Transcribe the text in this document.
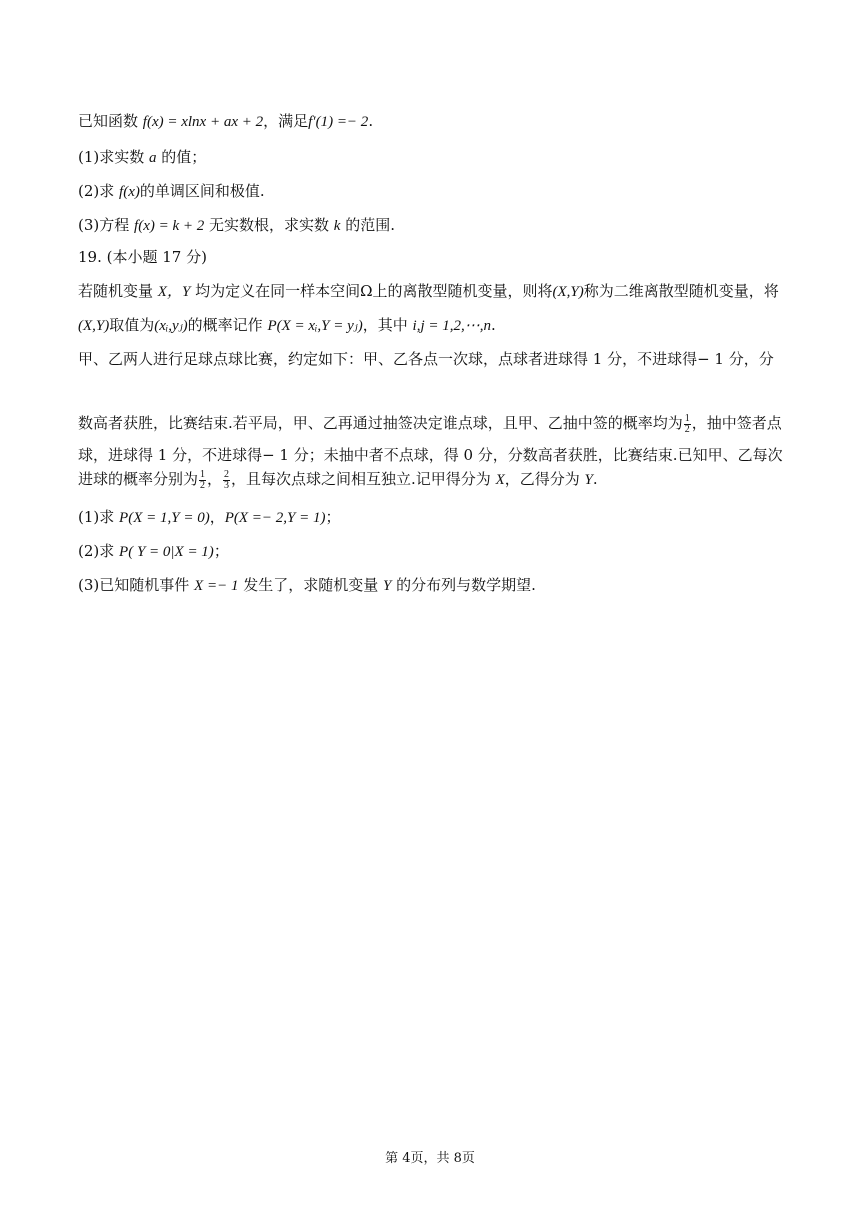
已知函数 f(x) = xlnx + ax + 2，满足f′(1) =− 2.
(1)求实数 a 的值；
(2)求 f(x)的单调区间和极值.
(3)方程 f(x) = k + 2 无实数根，求实数 k 的范围.
19. (本小题 17 分)
若随机变量 X，Y 均为定义在同一样本空间Ω上的离散型随机变量，则将(X,Y)称为二维离散型随机变量，将
(X,Y)取值为(xᵢ,yⱼ)的概率记作 P(X = xᵢ,Y = yⱼ)，其中 i,j = 1,2,⋯,n.
甲、乙两人进行足球点球比赛，约定如下：甲、乙各点一次球，点球者进球得 1 分，不进球得− 1 分，分
数高者获胜，比赛结束.若平局，甲、乙再通过抽签决定谁点球，且甲、乙抽中签的概率均为 $\frac{1}{2}$ ，抽中签者点
球，进球得 1 分，不进球得− 1 分；未抽中者不点球，得 0 分，分数高者获胜，比赛结束.已知甲、乙每次
进球的概率分别为 $\frac{1}{2}$ ， $\frac{2}{3}$ ，且每次点球之间相互独立.记甲得分为 X，乙得分为 Y.
(1)求 P(X = 1,Y = 0)，P(X =− 2,Y = 1)；
(2)求 P( Y = 0|X = 1)；
(3)已知随机事件 X =− 1 发生了，求随机变量 Y 的分布列与数学期望.
第 4页，共 8页
